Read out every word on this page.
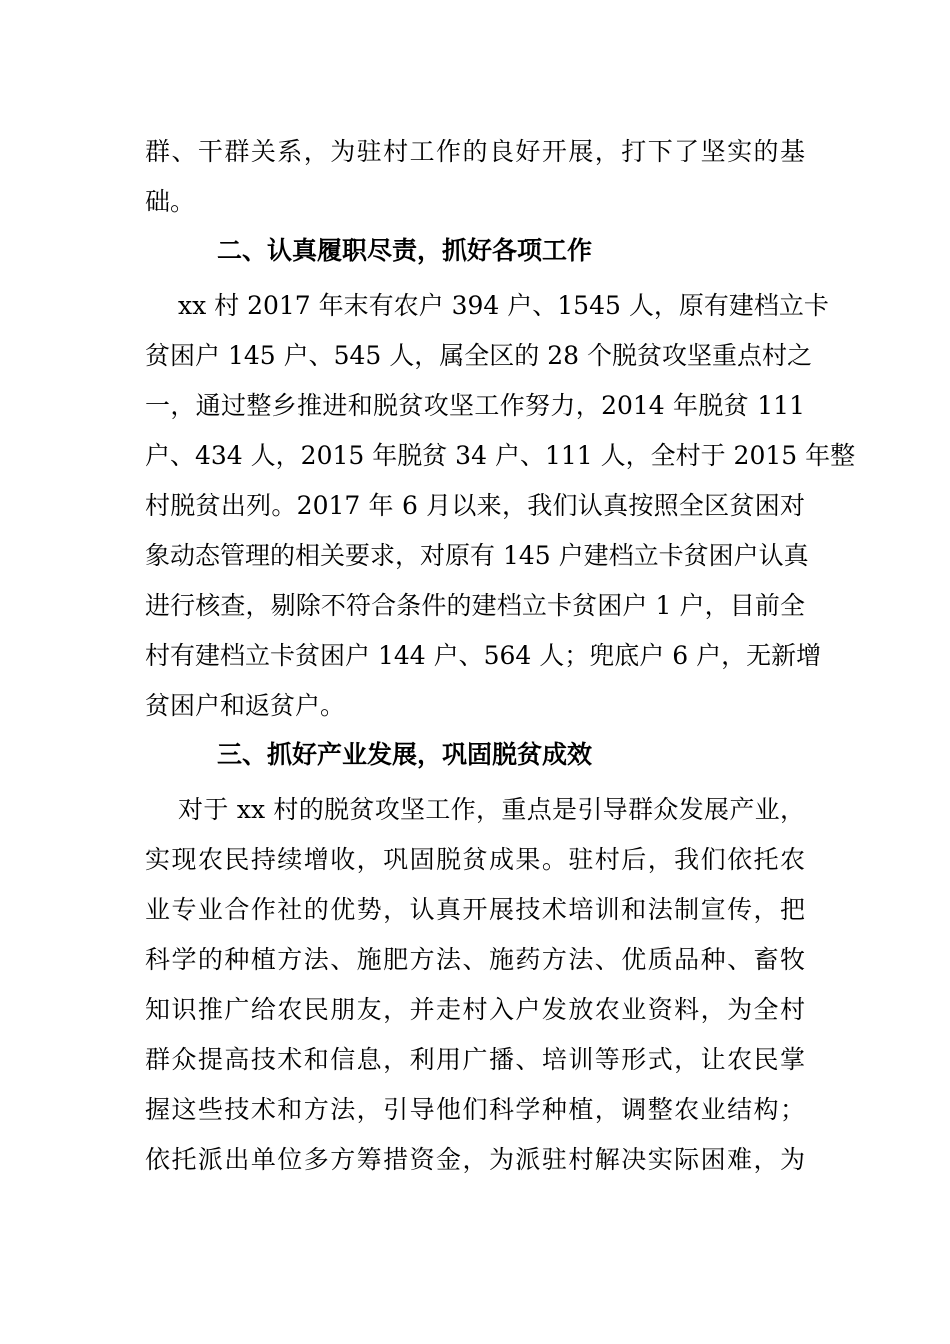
群、干群关系，为驻村工作的良好开展，打下了坚实的基
础。
二、认真履职尽责，抓好各项工作
xx 村 2017 年末有农户 394 户、1545 人，原有建档立卡
贫困户 145 户、545 人，属全区的 28 个脱贫攻坚重点村之
一，通过整乡推进和脱贫攻坚工作努力，2014 年脱贫 111
户、434 人，2015 年脱贫 34 户、111 人，全村于 2015 年整
村脱贫出列。2017 年 6 月以来，我们认真按照全区贫困对
象动态管理的相关要求，对原有 145 户建档立卡贫困户认真
进行核查，剔除不符合条件的建档立卡贫困户 1 户，目前全
村有建档立卡贫困户 144 户、564 人；兜底户 6 户，无新增
贫困户和返贫户。
三、抓好产业发展，巩固脱贫成效
对于 xx 村的脱贫攻坚工作，重点是引导群众发展产业，
实现农民持续增收，巩固脱贫成果。驻村后，我们依托农
业专业合作社的优势，认真开展技术培训和法制宣传，把
科学的种植方法、施肥方法、施药方法、优质品种、畜牧
知识推广给农民朋友，并走村入户发放农业资料，为全村
群众提高技术和信息，利用广播、培训等形式，让农民掌
握这些技术和方法，引导他们科学种植，调整农业结构；
依托派出单位多方筹措资金，为派驻村解决实际困难，为
